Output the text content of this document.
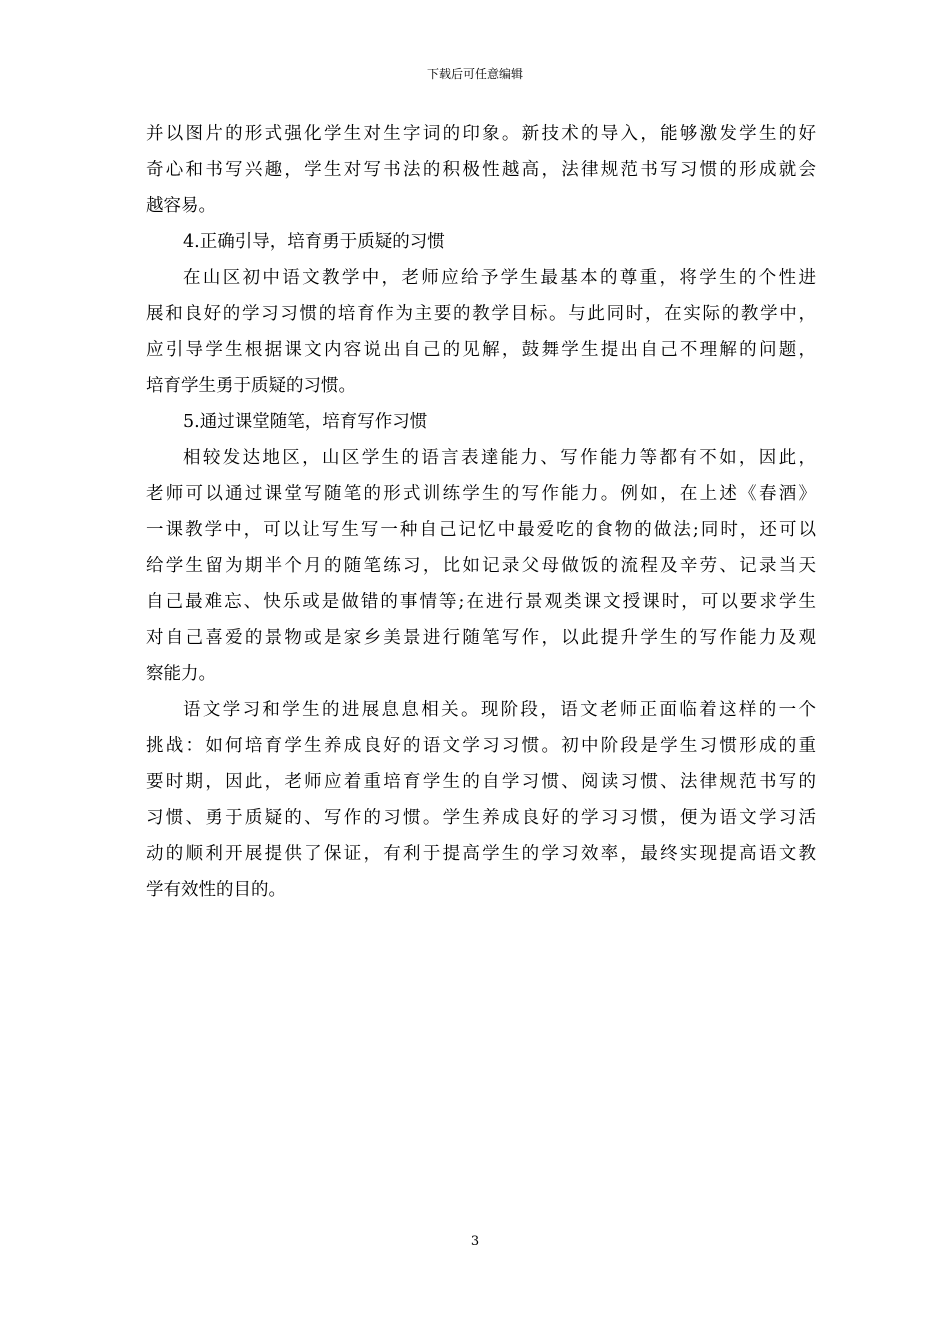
下载后可任意编辑
并以图片的形式强化学生对生字词的印象。新技术的导入，能够激发学生的好
奇心和书写兴趣，学生对写书法的积极性越高，法律规范书写习惯的形成就会
越容易。
4.正确引导，培育勇于质疑的习惯
在山区初中语文教学中，老师应给予学生最基本的尊重，将学生的个性进
展和良好的学习习惯的培育作为主要的教学目标。与此同时，在实际的教学中，
应引导学生根据课文内容说出自己的见解，鼓舞学生提出自己不理解的问题，
培育学生勇于质疑的习惯。
5.通过课堂随笔，培育写作习惯
相较发达地区，山区学生的语言表達能力、写作能力等都有不如，因此，
老师可以通过课堂写随笔的形式训练学生的写作能力。例如，在上述《春酒》
一课教学中，可以让写生写一种自己记忆中最爱吃的食物的做法;同时，还可以
给学生留为期半个月的随笔练习，比如记录父母做饭的流程及辛劳、记录当天
自己最难忘、快乐或是做错的事情等;在进行景观类课文授课时，可以要求学生
对自己喜爱的景物或是家乡美景进行随笔写作，以此提升学生的写作能力及观
察能力。
语文学习和学生的进展息息相关。现阶段，语文老师正面临着这样的一个
挑战：如何培育学生养成良好的语文学习习惯。初中阶段是学生习惯形成的重
要时期，因此，老师应着重培育学生的自学习惯、阅读习惯、法律规范书写的
习惯、勇于质疑的、写作的习惯。学生养成良好的学习习惯，便为语文学习活
动的顺利开展提供了保证，有利于提高学生的学习效率，最终实现提高语文教
学有效性的目的。
3
